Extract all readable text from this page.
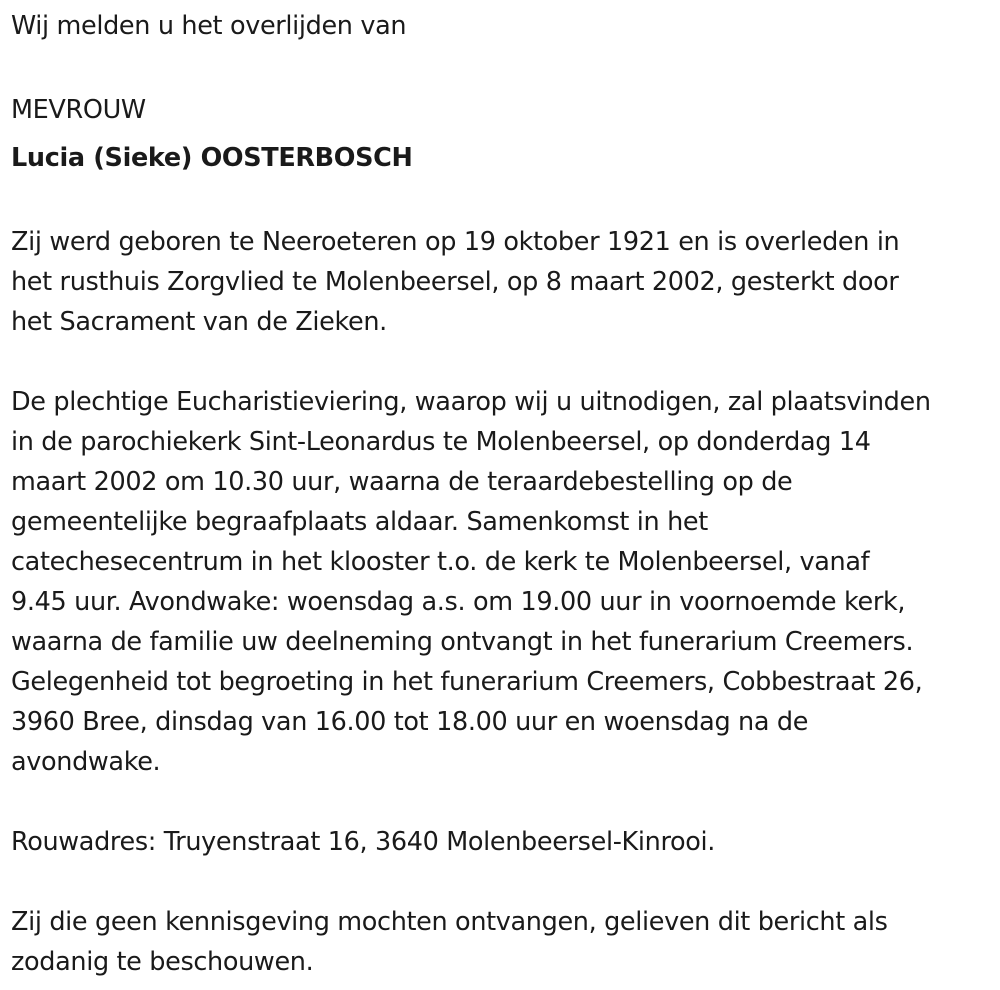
Wij melden u het overlijden van
MEVROUW
Lucia (Sieke) OOSTERBOSCH
Zij werd geboren te Neeroeteren op 19 oktober 1921 en is overleden in
het rusthuis Zorgvlied te Molenbeersel, op 8 maart 2002, gesterkt door
het Sacrament van de Zieken.
De plechtige Eucharistieviering, waarop wij u uitnodigen, zal plaatsvinden
in de parochiekerk Sint-Leonardus te Molenbeersel, op donderdag 14
maart 2002 om 10.30 uur, waarna de teraardebestelling op de
gemeentelijke begraafplaats aldaar. Samenkomst in het
catechesecentrum in het klooster t.o. de kerk te Molenbeersel, vanaf
9.45 uur. Avondwake: woensdag a.s. om 19.00 uur in voornoemde kerk,
waarna de familie uw deelneming ontvangt in het funerarium Creemers.
Gelegenheid tot begroeting in het funerarium Creemers, Cobbestraat 26,
3960 Bree, dinsdag van 16.00 tot 18.00 uur en woensdag na de
avondwake.
Rouwadres: Truyenstraat 16, 3640 Molenbeersel-Kinrooi.
Zij die geen kennisgeving mochten ontvangen, gelieven dit bericht als
zodanig te beschouwen.
